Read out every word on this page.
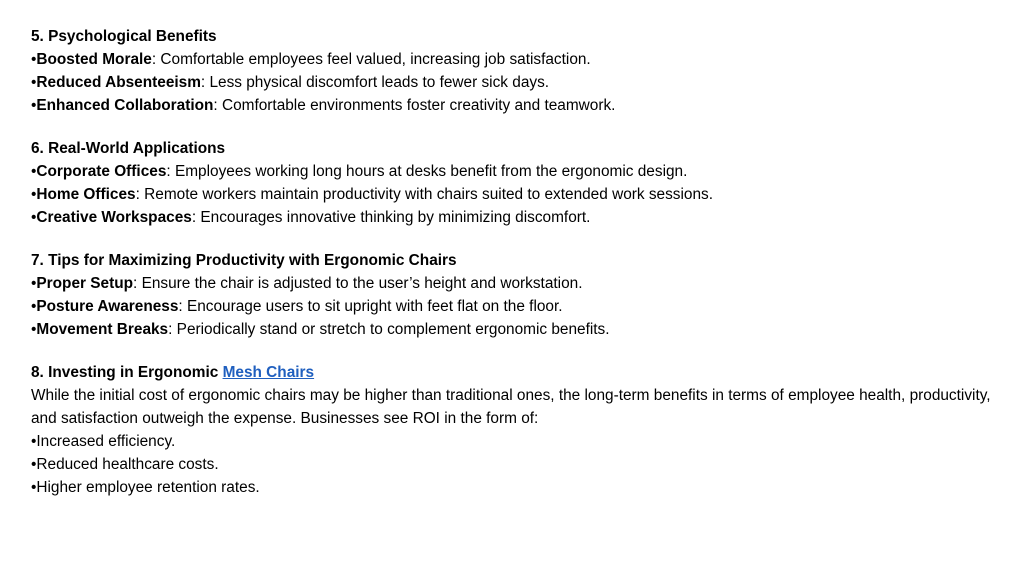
5. Psychological Benefits
•Boosted Morale: Comfortable employees feel valued, increasing job satisfaction.
•Reduced Absenteeism: Less physical discomfort leads to fewer sick days.
•Enhanced Collaboration: Comfortable environments foster creativity and teamwork.
6. Real-World Applications
•Corporate Offices: Employees working long hours at desks benefit from the ergonomic design.
•Home Offices: Remote workers maintain productivity with chairs suited to extended work sessions.
•Creative Workspaces: Encourages innovative thinking by minimizing discomfort.
7. Tips for Maximizing Productivity with Ergonomic Chairs
•Proper Setup: Ensure the chair is adjusted to the user’s height and workstation.
•Posture Awareness: Encourage users to sit upright with feet flat on the floor.
•Movement Breaks: Periodically stand or stretch to complement ergonomic benefits.
8. Investing in Ergonomic Mesh Chairs
While the initial cost of ergonomic chairs may be higher than traditional ones, the long-term benefits in terms of employee health, productivity, and satisfaction outweigh the expense. Businesses see ROI in the form of:
•Increased efficiency.
•Reduced healthcare costs.
•Higher employee retention rates.
